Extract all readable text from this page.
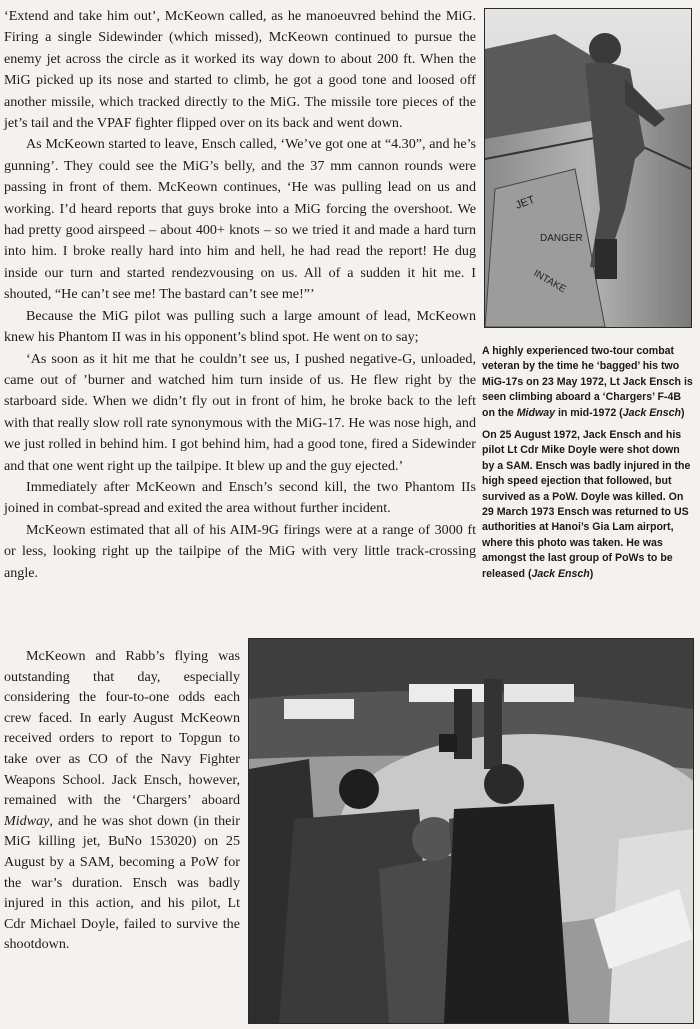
‘Extend and take him out’, McKeown called, as he manoeuvred behind the MiG. Firing a single Sidewinder (which missed), McKeown continued to pursue the enemy jet across the circle as it worked its way down to about 200 ft. When the MiG picked up its nose and started to climb, he got a good tone and loosed off another missile, which tracked directly to the MiG. The missile tore pieces of the jet’s tail and the VPAF fighter flipped over on its back and went down.

As McKeown started to leave, Ensch called, ‘We’ve got one at “4.30”, and he’s gunning’. They could see the MiG’s belly, and the 37 mm cannon rounds were passing in front of them. McKeown continues, ‘He was pulling lead on us and working. I’d heard reports that guys broke into a MiG forcing the overshoot. We had pretty good airspeed – about 400+ knots – so we tried it and made a hard turn into him. I broke really hard into him and hell, he had read the report! He dug inside our turn and started rendezvousing on us. All of a sudden it hit me. I shouted, “He can’t see me! The bastard can’t see me!”’

Because the MiG pilot was pulling such a large amount of lead, McKeown knew his Phantom II was in his opponent’s blind spot. He went on to say;

‘As soon as it hit me that he couldn’t see us, I pushed negative-G, unloaded, came out of ’burner and watched him turn inside of us. He flew right by the starboard side. When we didn’t fly out in front of him, he broke back to the left with that really slow roll rate synonymous with the MiG-17. He was nose high, and we just rolled in behind him. I got behind him, had a good tone, fired a Sidewinder and that one went right up the tailpipe. It blew up and the guy ejected.’

Immediately after McKeown and Ensch’s second kill, the two Phantom IIs joined in combat-spread and exited the area without further incident.

McKeown estimated that all of his AIM-9G firings were at a range of 3000 ft or less, looking right up the tailpipe of the MiG with very little track-crossing angle.

McKeown and Rabb’s flying was outstanding that day, especially considering the four-to-one odds each crew faced. In early August McKeown received orders to report to Topgun to take over as CO of the Navy Fighter Weapons School. Jack Ensch, however, remained with the ‘Chargers’ aboard Midway, and he was shot down (in their MiG killing jet, BuNo 153020) on 25 August by a SAM, becoming a PoW for the war’s duration. Ensch was badly injured in this action, and his pilot, Lt Cdr Michael Doyle, failed to survive the shootdown.

JET
DANGER
INTAKE

A highly experienced two-tour combat veteran by the time he ‘bagged’ his two MiG-17s on 23 May 1972, Lt Jack Ensch is seen climbing aboard a ‘Chargers’ F-4B on the Midway in mid-1972 (Jack Ensch)

On 25 August 1972, Jack Ensch and his pilot Lt Cdr Mike Doyle were shot down by a SAM. Ensch was badly injured in the high speed ejection that followed, but survived as a PoW. Doyle was killed. On 29 March 1973 Ensch was returned to US authorities at Hanoi’s Gia Lam airport, where this photo was taken. He was amongst the last group of PoWs to be released (Jack Ensch)
